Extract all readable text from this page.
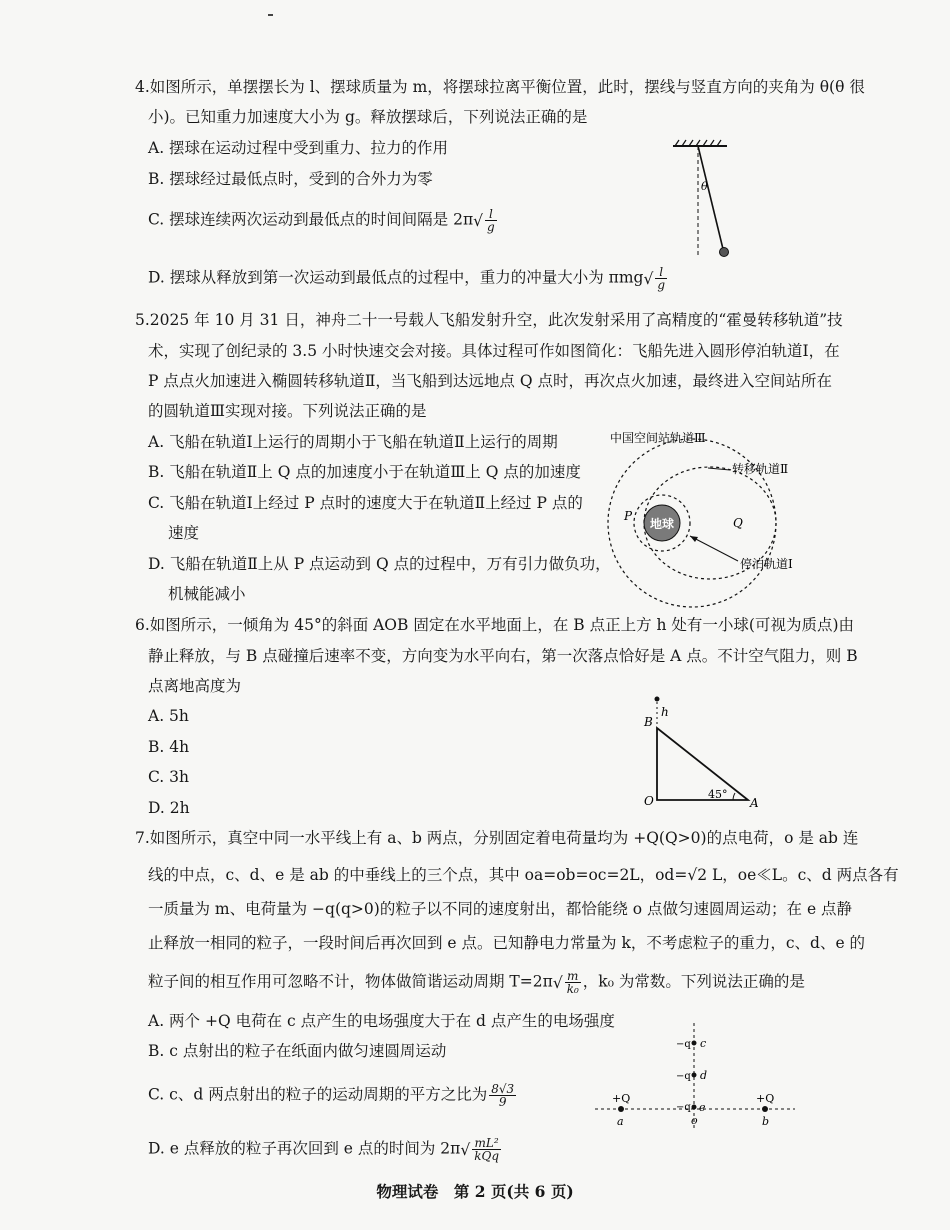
4.如图所示，单摆摆长为 l、摆球质量为 m，将摆球拉离平衡位置，此时，摆线与竖直方向的夹角为 θ(θ 很
小)。已知重力加速度大小为 g。释放摆球后，下列说法正确的是
A. 摆球在运动过程中受到重力、拉力的作用
B. 摆球经过最低点时，受到的合外力为零
C. 摆球连续两次运动到最低点的时间间隔是 $2\pi√ \frac{l}{g}$
D. 摆球从释放到第一次运动到最低点的过程中，重力的冲量大小为 $\pi mg√ \frac{l}{g}$
θ
5.2025 年 10 月 31 日，神舟二十一号载人飞船发射升空，此次发射采用了高精度的“霍曼转移轨道”技
术，实现了创纪录的 3.5 小时快速交会对接。具体过程可作如图简化：飞船先进入圆形停泊轨道Ⅰ，在
P 点点火加速进入椭圆转移轨道Ⅱ，当飞船到达远地点 Q 点时，再次点火加速，最终进入空间站所在
的圆轨道Ⅲ实现对接。下列说法正确的是
A. 飞船在轨道Ⅰ上运行的周期小于飞船在轨道Ⅱ上运行的周期
B. 飞船在轨道Ⅱ上 Q 点的加速度小于在轨道Ⅲ上 Q 点的加速度
C. 飞船在轨道Ⅰ上经过 P 点时的速度大于在轨道Ⅱ上经过 P 点的
速度
D. 飞船在轨道Ⅱ上从 P 点运动到 Q 点的过程中，万有引力做负功，
机械能减小
中国空间站轨道Ⅲ
地球
P	Q
转移轨道Ⅱ
停泊轨道Ⅰ
6.如图所示，一倾角为 45°的斜面 AOB 固定在水平地面上，在 B 点正上方 h 处有一小球(可视为质点)由
静止释放，与 B 点碰撞后速率不变，方向变为水平向右，第一次落点恰好是 A 点。不计空气阻力，则 B
点离地高度为
A. 5h
B. 4h
C. 3h
D. 2h
h
B
45°
O	A
7.如图所示，真空中同一水平线上有 a、b 两点，分别固定着电荷量均为 +Q(Q>0)的点电荷，o 是 ab 连
线的中点，c、d、e 是 ab 的中垂线上的三个点，其中 oa=ob=oc=2L，od=√2 L，oe≪L。c、d 两点各有
一质量为 m、电荷量为 −q(q>0)的粒子以不同的速度射出，都恰能绕 o 点做匀速圆周运动；在 e 点静
止释放一相同的粒子，一段时间后再次回到 e 点。已知静电力常量为 k，不考虑粒子的重力，c、d、e 的
粒子间的相互作用可忽略不计，物体做简谐运动周期 $T=2\pi√ \frac{m}{\text{k₀}}$ ，k₀ 为常数。下列说法正确的是
A. 两个 +Q 电荷在 c 点产生的电场强度大于在 d 点产生的电场强度
B. c 点射出的粒子在纸面内做匀速圆周运动
C. c、d 两点射出的粒子的运动周期的平方之比为 $\frac{8√3}{9}$
D. e 点释放的粒子再次回到 e 点的时间为 $2\pi√ \frac{\text{mL²}}{\text{kQq}}$
+Q
a
+Q
b
−q c
−q d
−q e
o
物理试卷　第 2 页(共 6 页)
